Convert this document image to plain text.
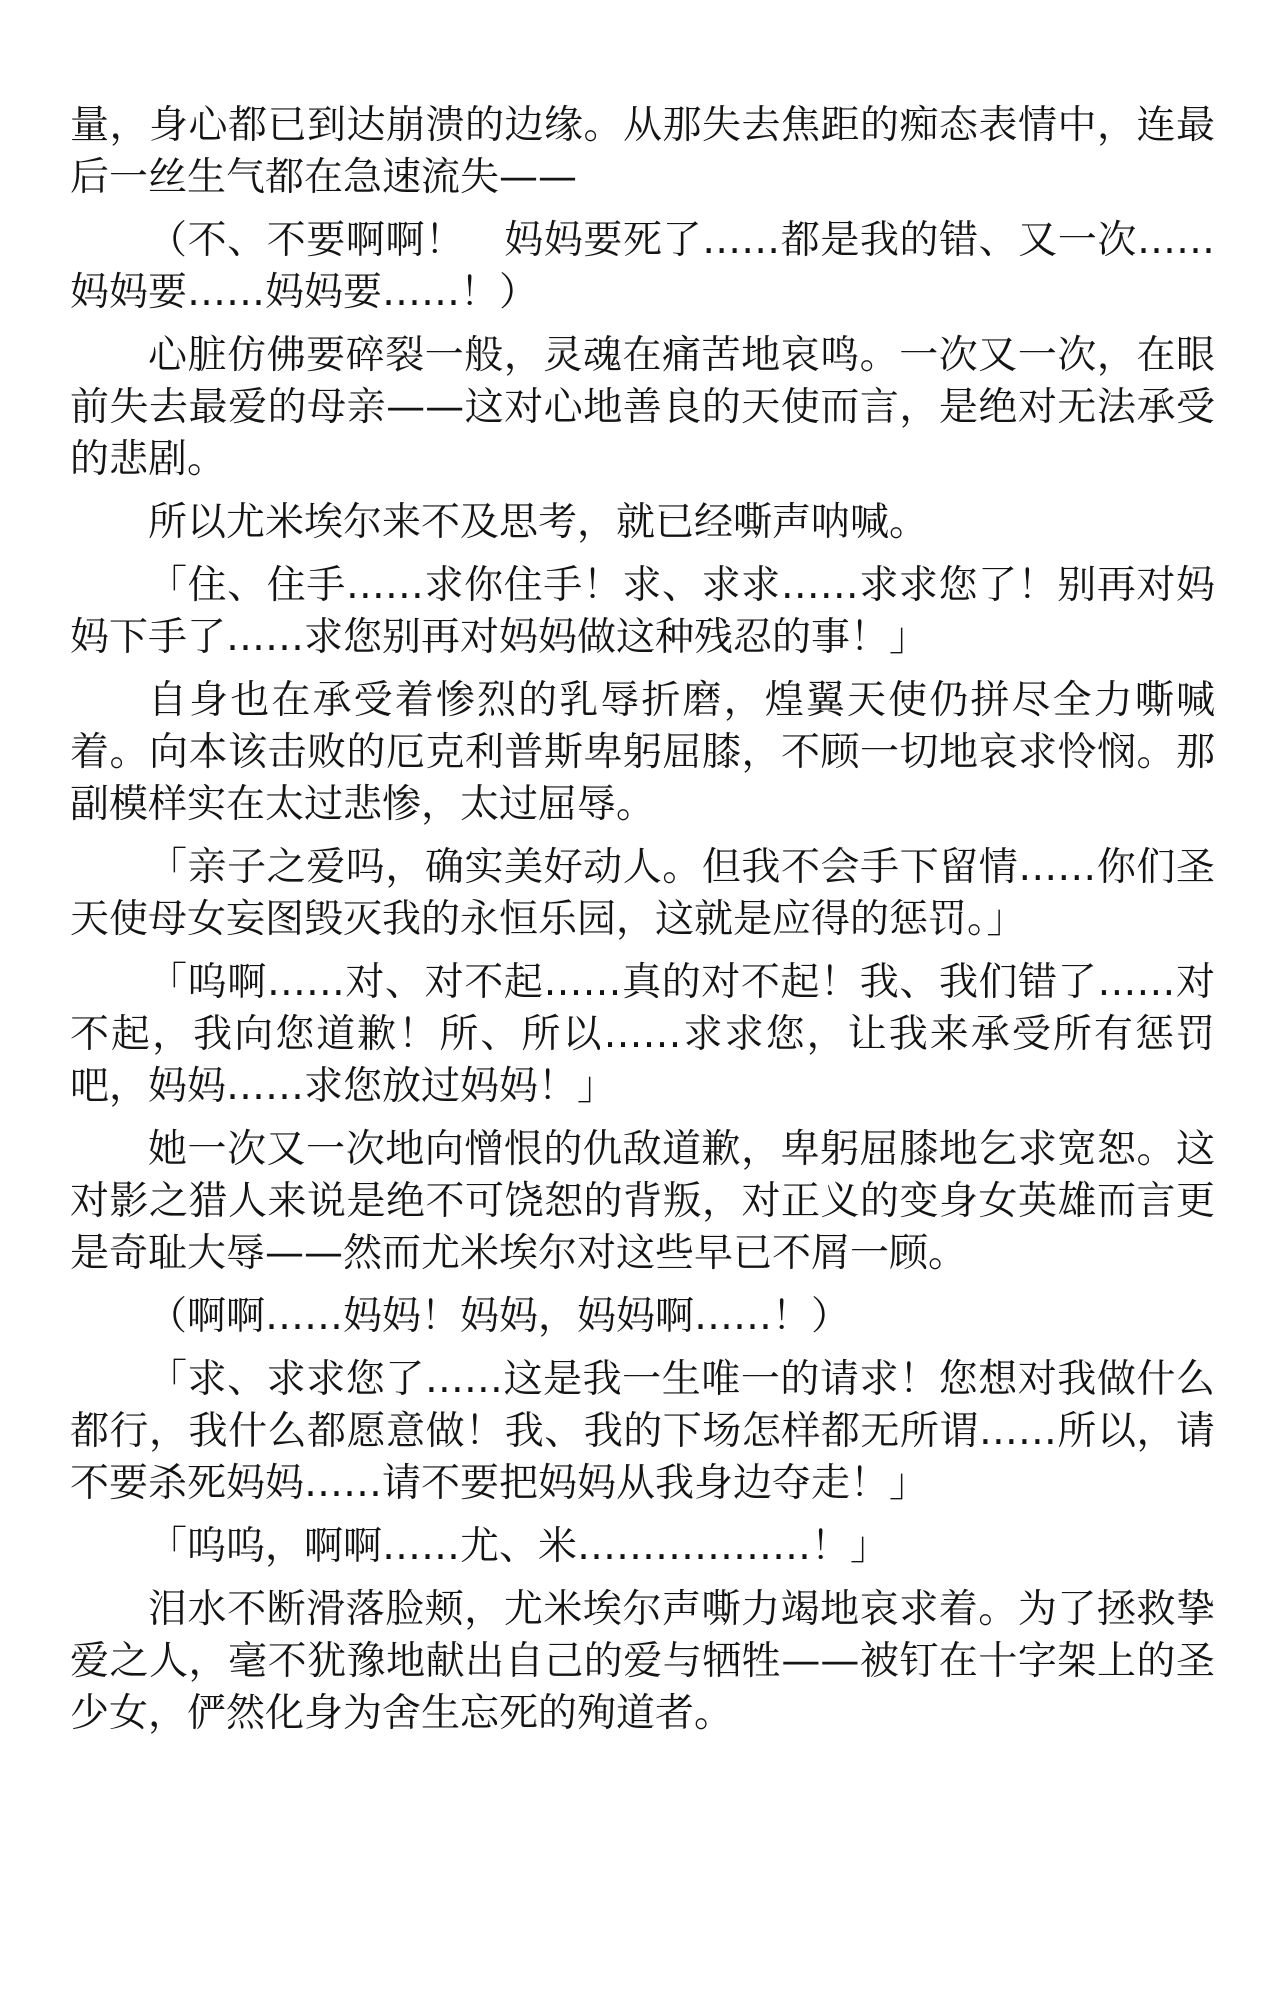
量，身心都已到达崩溃的边缘。从那失去焦距的痴态表情中，连最后一丝生气都在急速流失——

（不、不要啊啊！　妈妈要死了……都是我的错、又一次……妈妈要……妈妈要……！）

心脏仿佛要碎裂一般，灵魂在痛苦地哀鸣。一次又一次，在眼前失去最爱的母亲——这对心地善良的天使而言，是绝对无法承受的悲剧。

所以尤米埃尔来不及思考，就已经嘶声呐喊。

「住、住手……求你住手！求、求求……求求您了！别再对妈妈下手了……求您别再对妈妈做这种残忍的事！」

自身也在承受着惨烈的乳辱折磨，煌翼天使仍拼尽全力嘶喊着。向本该击败的厄克利普斯卑躬屈膝，不顾一切地哀求怜悯。那副模样实在太过悲惨，太过屈辱。

「亲子之爱吗，确实美好动人。但我不会手下留情……你们圣天使母女妄图毁灭我的永恒乐园，这就是应得的惩罚。」

「呜啊……对、对不起……真的对不起！我、我们错了……对不起，我向您道歉！所、所以……求求您，让我来承受所有惩罚吧，妈妈……求您放过妈妈！」

她一次又一次地向憎恨的仇敌道歉，卑躬屈膝地乞求宽恕。这对影之猎人来说是绝不可饶恕的背叛，对正义的变身女英雄而言更是奇耻大辱——然而尤米埃尔对这些早已不屑一顾。

（啊啊……妈妈！妈妈，妈妈啊……！）

「求、求求您了……这是我一生唯一的请求！您想对我做什么都行，我什么都愿意做！我、我的下场怎样都无所谓……所以，请不要杀死妈妈……请不要把妈妈从我身边夺走！」

「呜呜，啊啊……尤、米………………！」

泪水不断滑落脸颊，尤米埃尔声嘶力竭地哀求着。为了拯救挚爱之人，毫不犹豫地献出自己的爱与牺牲——被钉在十字架上的圣少女，俨然化身为舍生忘死的殉道者。
